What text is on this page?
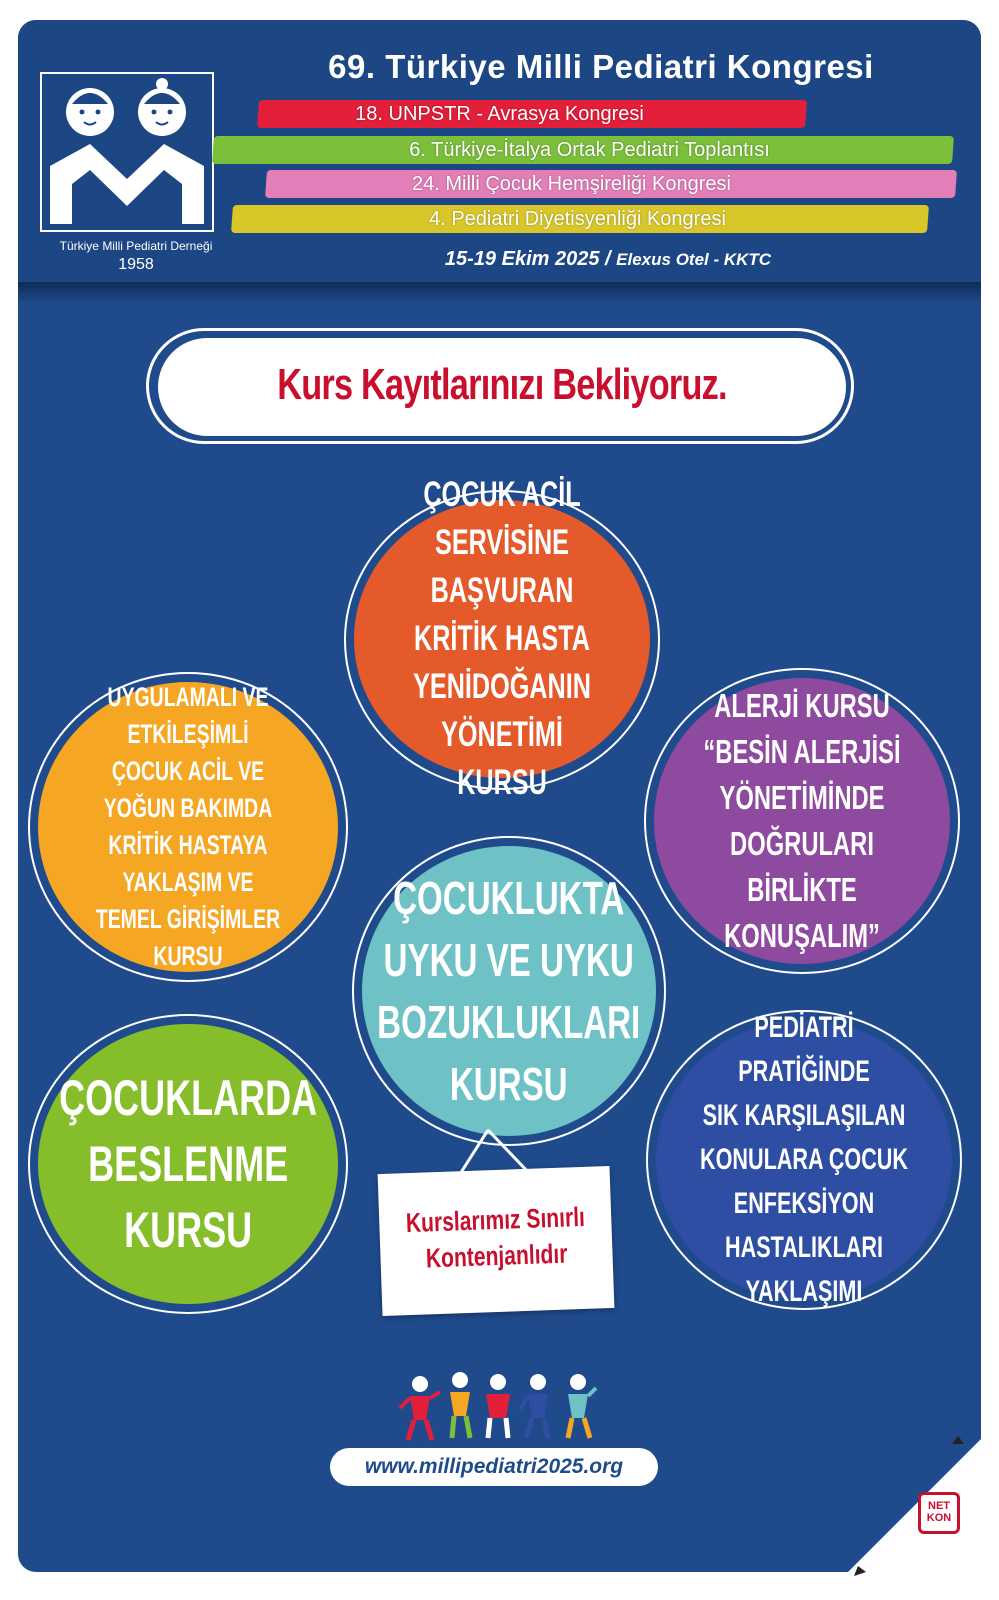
Türkiye Milli Pediatri Derneği
1958
69. Türkiye Milli Pediatri Kongresi
18. UNPSTR - Avrasya Kongresi
6. Türkiye-İtalya Ortak Pediatri Toplantısı
24. Milli Çocuk Hemşireliği Kongresi
4. Pediatri Diyetisyenliği Kongresi
15-19 Ekim 2025 / Elexus Otel - KKTC
Kurs Kayıtlarınızı Bekliyoruz.
ÇOCUK ACİL
SERVİSİNE BAŞVURAN
KRİTİK HASTA
YENİDOĞANIN
YÖNETİMİ KURSU
UYGULAMALI VE
ETKİLEŞİMLİ
ÇOCUK ACİL VE YOĞUN BAKIMDA
KRİTİK HASTAYA YAKLAŞIM VE
TEMEL GİRİŞİMLER
KURSU
ALERJİ KURSU
“BESİN ALERJİSİ
YÖNETİMİNDE
DOĞRULARI BİRLİKTE
KONUŞALIM”
ÇOCUKLUKTA
UYKU VE UYKU
BOZUKLUKLARI
KURSU
ÇOCUKLARDA
BESLENME
KURSU
PEDİATRİ PRATİĞİNDE
SIK KARŞILAŞILAN
KONULARA ÇOCUK
ENFEKSİYON HASTALIKLARI
YAKLAŞIMI
Kurslarımız Sınırlı
Kontenjanlıdır
www.millipediatri2025.org
NET
KON
